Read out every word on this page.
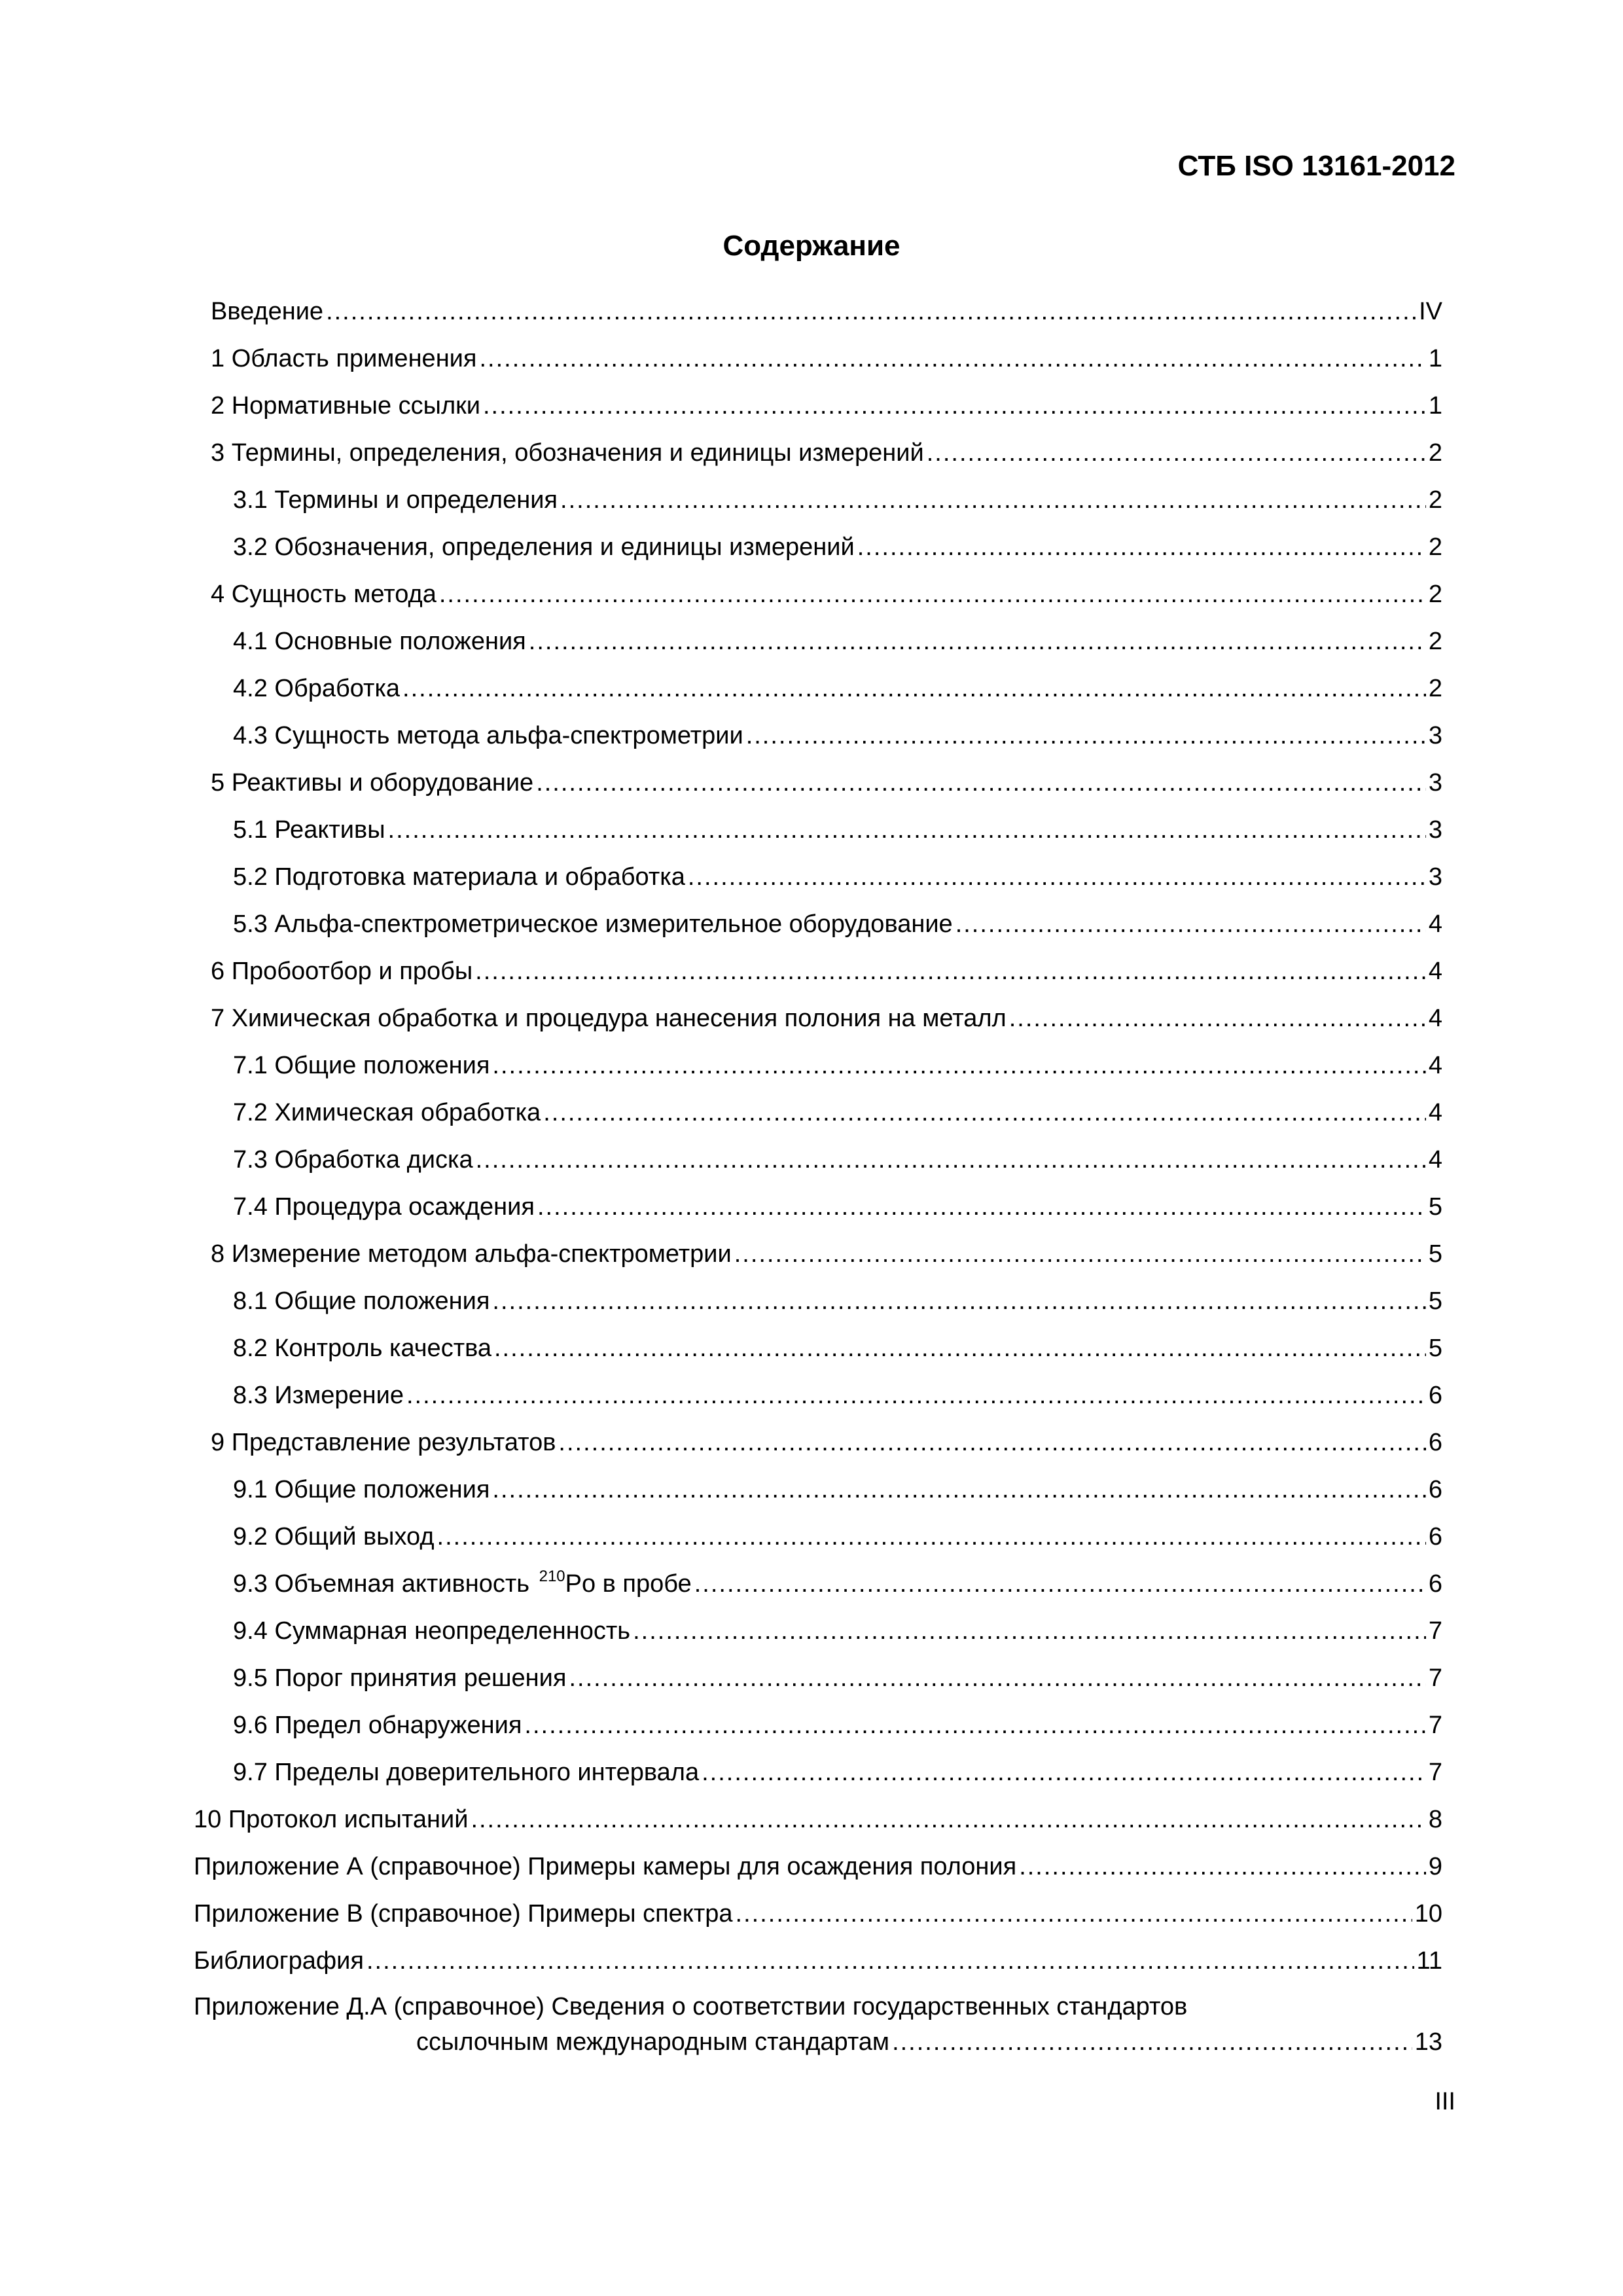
СТБ ISO 13161-2012
Содержание
Введение .....	IV
1 Область применения .....	1
2 Нормативные ссылки .....	1
3 Термины, определения, обозначения и единицы измерений .....	2
3.1 Термины и определения .....	2
3.2 Обозначения, определения и единицы измерений .....	2
4 Сущность метода .....	2
4.1 Основные положения .....	2
4.2 Обработка .....	2
4.3 Сущность метода альфа-спектрометрии .....	3
5 Реактивы и оборудование .....	3
5.1 Реактивы .....	3
5.2 Подготовка материала и обработка .....	3
5.3 Альфа-спектрометрическое измерительное оборудование .....	4
6 Пробоотбор и пробы .....	4
7 Химическая обработка и процедура нанесения полония на металл .....	4
7.1 Общие положения .....	4
7.2 Химическая обработка .....	4
7.3 Обработка диска .....	4
7.4 Процедура осаждения .....	5
8 Измерение методом альфа-спектрометрии .....	5
8.1 Общие положения .....	5
8.2 Контроль качества .....	5
8.3 Измерение .....	6
9 Представление результатов .....	6
9.1 Общие положения .....	6
9.2 Общий выход .....	6
9.3 Объемная активность $^{210}$Po в пробе .....	6
9.4 Суммарная неопределенность .....	7
9.5 Порог принятия решения .....	7
9.6 Предел обнаружения .....	7
9.7 Пределы доверительного интервала .....	7
10 Протокол испытаний .....	8
Приложение А (справочное) Примеры камеры для осаждения полония .....	9
Приложение В (справочное) Примеры спектра .....	10
Библиография .....	11
Приложение Д.А (справочное) Сведения о соответствии государственных стандартов
ссылочным международным стандартам .....	13
III
